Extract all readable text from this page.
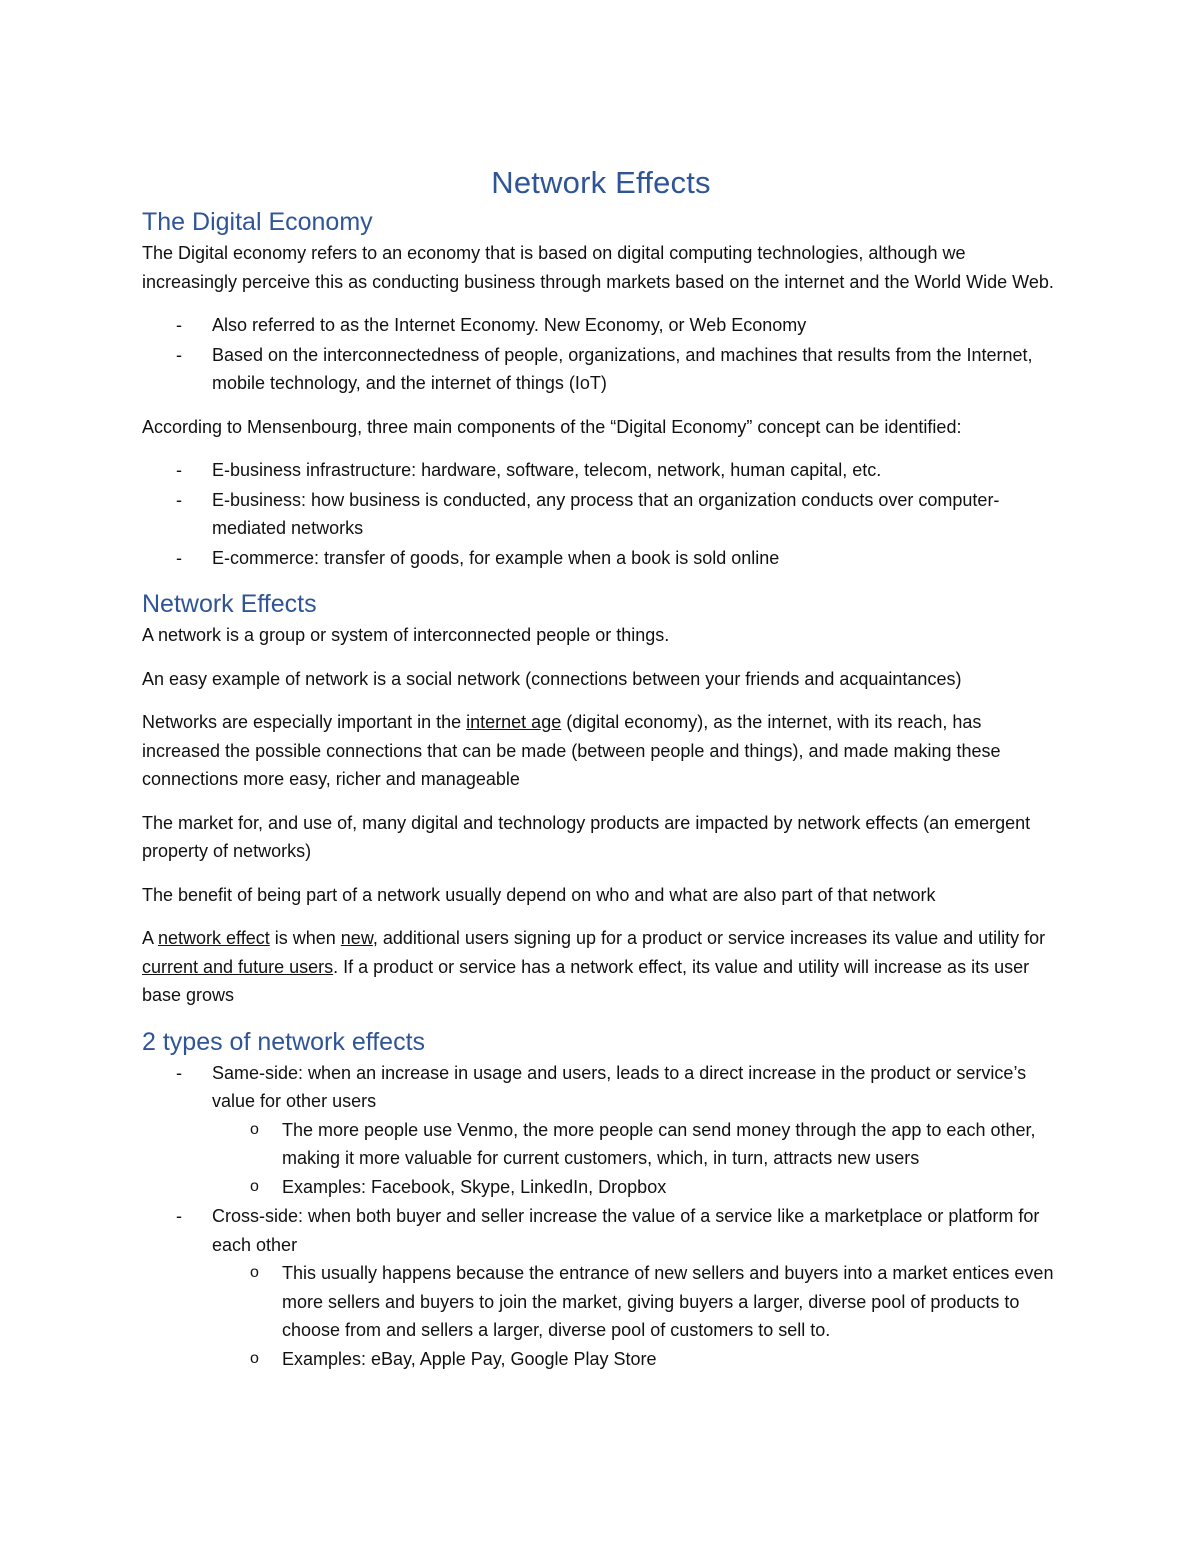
Network Effects
The Digital Economy

The Digital economy refers to an economy that is based on digital computing technologies, although we increasingly perceive this as conducting business through markets based on the internet and the World Wide Web.

- Also referred to as the Internet Economy. New Economy, or Web Economy
- Based on the interconnectedness of people, organizations, and machines that results from the Internet, mobile technology, and the internet of things (IoT)

According to Mensenbourg, three main components of the “Digital Economy” concept can be identified:

- E-business infrastructure: hardware, software, telecom, network, human capital, etc.
- E-business: how business is conducted, any process that an organization conducts over computer-mediated networks
- E-commerce: transfer of goods, for example when a book is sold online
Network Effects

A network is a group or system of interconnected people or things.

An easy example of network is a social network (connections between your friends and acquaintances)

Networks are especially important in the internet age (digital economy), as the internet, with its reach, has increased the possible connections that can be made (between people and things), and made making these connections more easy, richer and manageable

The market for, and use of, many digital and technology products are impacted by network effects (an emergent property of networks)

The benefit of being part of a network usually depend on who and what are also part of that network

A network effect is when new, additional users signing up for a product or service increases its value and utility for current and future users. If a product or service has a network effect, its value and utility will increase as its user base grows

2 types of network effects
- Same-side: when an increase in usage and users, leads to a direct increase in the product or service’s value for other users
o The more people use Venmo, the more people can send money through the app to each other, making it more valuable for current customers, which, in turn, attracts new users
o Examples: Facebook, Skype, LinkedIn, Dropbox
- Cross-side: when both buyer and seller increase the value of a service like a marketplace or platform for each other
o This usually happens because the entrance of new sellers and buyers into a market entices even more sellers and buyers to join the market, giving buyers a larger, diverse pool of products to choose from and sellers a larger, diverse pool of customers to sell to.
o Examples: eBay, Apple Pay, Google Play Store
